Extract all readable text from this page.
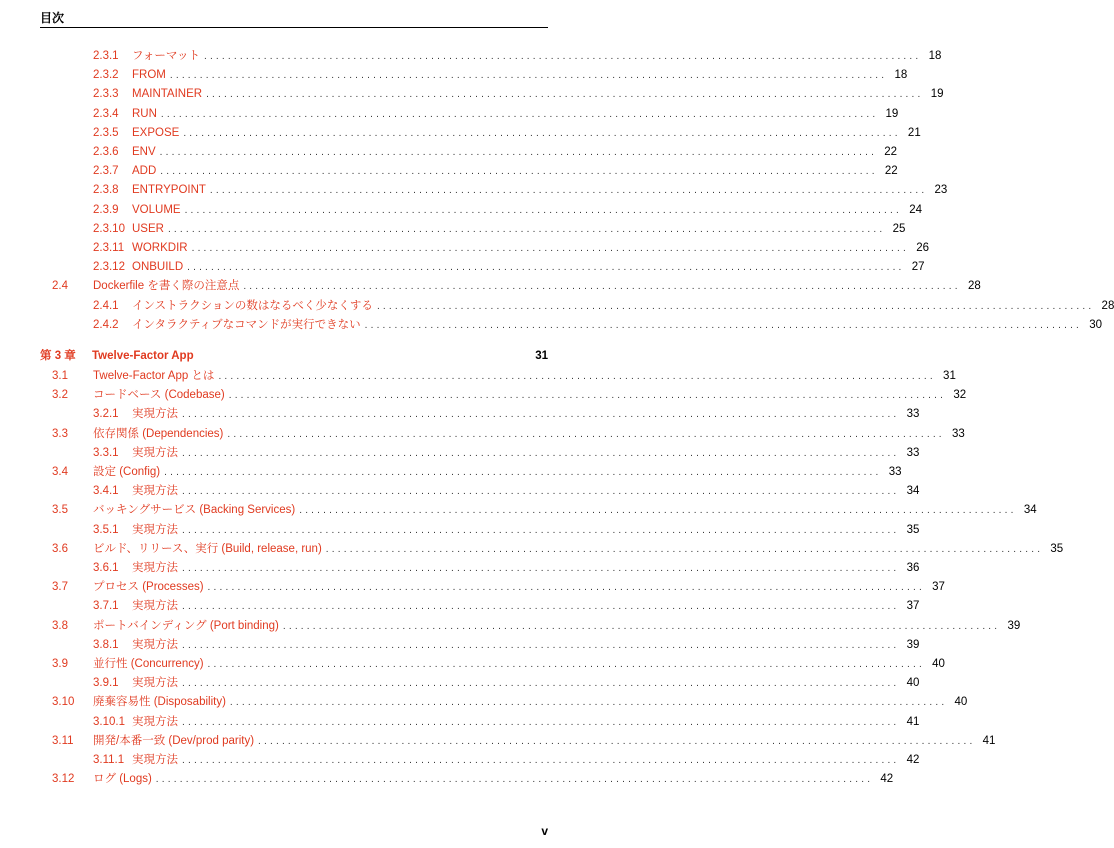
目次
2.3.1	フォーマット ........................................................................................................................ 18
2.3.2	FROM ........................................................................................................................ 18
2.3.3	MAINTAINER ........................................................................................................................ 19
2.3.4	RUN ........................................................................................................................ 19
2.3.5	EXPOSE ........................................................................................................................ 21
2.3.6	ENV ........................................................................................................................ 22
2.3.7	ADD ........................................................................................................................ 22
2.3.8	ENTRYPOINT ........................................................................................................................ 23
2.3.9	VOLUME ........................................................................................................................ 24
2.3.10 USER ........................................................................................................................ 25
2.3.11 WORKDIR ........................................................................................................................ 26
2.3.12 ONBUILD ........................................................................................................................ 27
2.4	Dockerfile を書く際の注意点 ........................................................................................................................ 28
2.4.1	インストラクションの数はなるべく少なくする ........................................................................................................................ 28
2.4.2	インタラクティブなコマンドが実行できない ........................................................................................................................ 30
第 3 章	Twelve-Factor App	31
3.1	Twelve-Factor App とは ........................................................................................................................ 31
3.2	コードベース (Codebase) ........................................................................................................................ 32
3.2.1	実現方法 ........................................................................................................................ 33
3.3	依存関係 (Dependencies) ........................................................................................................................ 33
3.3.1	実現方法 ........................................................................................................................ 33
3.4	設定 (Config) ........................................................................................................................ 33
3.4.1	実現方法 ........................................................................................................................ 34
3.5	バッキングサービス (Backing Services) ........................................................................................................................ 34
3.5.1	実現方法 ........................................................................................................................ 35
3.6	ビルド、リリース、実行 (Build, release, run) ........................................................................................................................ 35
3.6.1	実現方法 ........................................................................................................................ 36
3.7	プロセス (Processes) ........................................................................................................................ 37
3.7.1	実現方法 ........................................................................................................................ 37
3.8	ポートバインディング (Port binding) ........................................................................................................................ 39
3.8.1	実現方法 ........................................................................................................................ 39
3.9	並行性 (Concurrency) ........................................................................................................................ 40
3.9.1	実現方法 ........................................................................................................................ 40
3.10	廃棄容易性 (Disposability) ........................................................................................................................ 40
3.10.1 実現方法 ........................................................................................................................ 41
3.11	開発/本番一致 (Dev/prod parity) ........................................................................................................................ 41
3.11.1 実現方法 ........................................................................................................................ 42
3.12	ログ (Logs) ........................................................................................................................ 42
v
